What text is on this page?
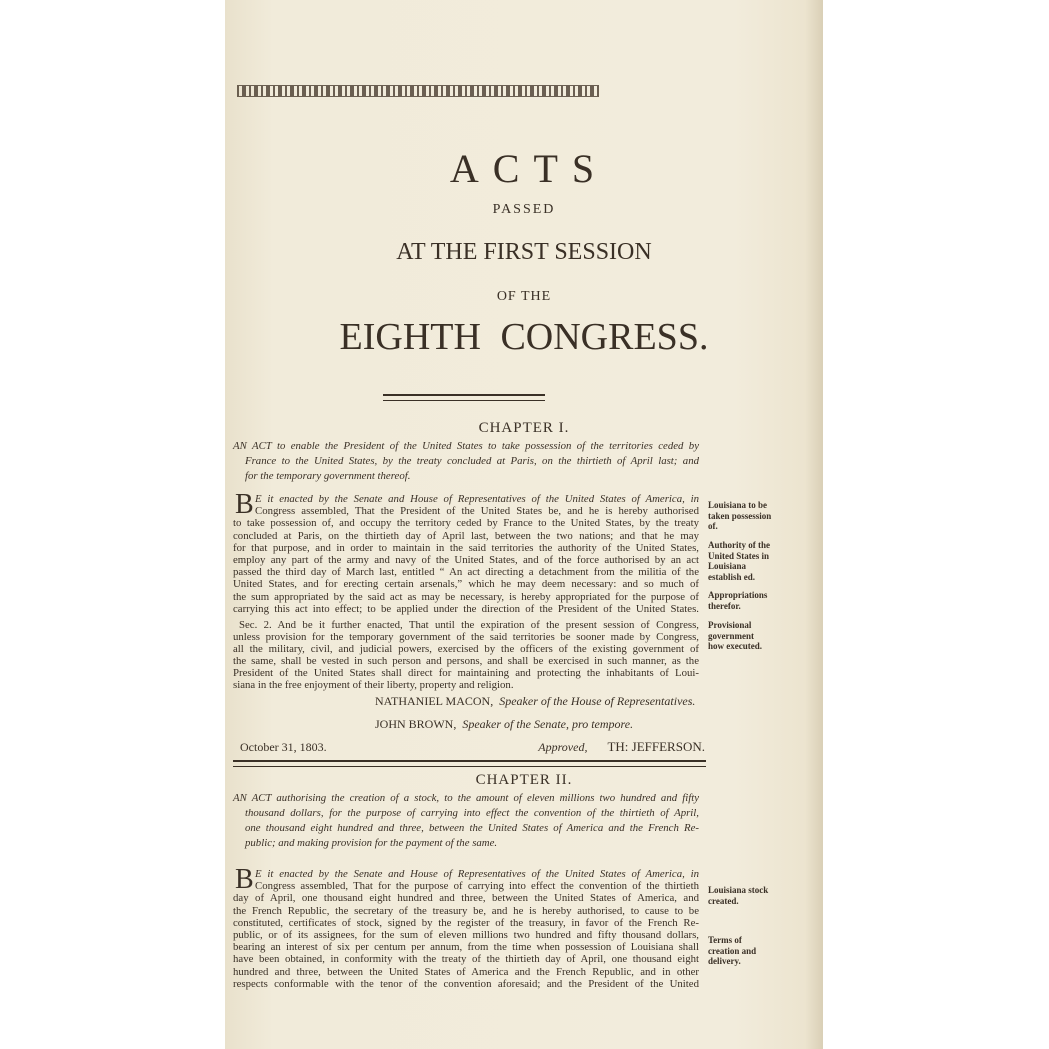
ACTS
PASSED
AT THE FIRST SESSION
OF THE
EIGHTH CONGRESS.
CHAPTER I.
NATHANIEL MACON, Speaker of the House of Representatives.
JOHN BROWN, Speaker of the Senate, pro tempore.
October 31, 1803.	Approved, TH: JEFFERSON.
CHAPTER II.
AN ACT to enable the President of the United States to take possession of the territories ceded by
France to the United States, by the treaty concluded at Paris, on the thirtieth of April last; and
for the temporary government thereof.
B E it enacted by the Senate and House of Representatives of the United States of America, in
Congress assembled, That the President of the United States be, and he is hereby authorised
to take possession of, and occupy the territory ceded by France to the United States, by the treaty
concluded at Paris, on the thirtieth day of April last, between the two nations; and that he may
for that purpose, and in order to maintain in the said territories the authority of the United States,
employ any part of the army and navy of the United States, and of the force authorised by an act
passed the third day of March last, entitled “ An act directing a detachment from the militia of the
United States, and for erecting certain arsenals,” which he may deem necessary: and so much of
the sum appropriated by the said act as may be necessary, is hereby appropriated for the purpose of
carrying this act into effect; to be applied under the direction of the President of the United States.
Louisiana to be taken possession of.
Authority of the United States in Louisiana establish ed.
Appropriations therefor.
Provisional government how executed.
Sec. 2. And be it further enacted, That until the expiration of the present session of Congress,
unless provision for the temporary government of the said territories be sooner made by Congress,
all the military, civil, and judicial powers, exercised by the officers of the existing government of
the same, shall be vested in such person and persons, and shall be exercised in such manner, as the
President of the United States shall direct for maintaining and protecting the inhabitants of Loui-
siana in the free enjoyment of their liberty, property and religion.
AN ACT authorising the creation of a stock, to the amount of eleven millions two hundred and fifty
thousand dollars, for the purpose of carrying into effect the convention of the thirtieth of April,
one thousand eight hundred and three, between the United States of America and the French Re-
public; and making provision for the payment of the same.
B E it enacted by the Senate and House of Representatives of the United States of America, in
Congress assembled, That for the purpose of carrying into effect the convention of the thirtieth
day of April, one thousand eight hundred and three, between the United States of America, and
the French Republic, the secretary of the treasury be, and he is hereby authorised, to cause to be
constituted, certificates of stock, signed by the register of the treasury, in favor of the French Re-
public, or of its assignees, for the sum of eleven millions two hundred and fifty thousand dollars,
bearing an interest of six per centum per annum, from the time when possession of Louisiana shall
have been obtained, in conformity with the treaty of the thirtieth day of April, one thousand eight
hundred and three, between the United States of America and the French Republic, and in other
respects conformable with the tenor of the convention aforesaid; and the President of the United
Louisiana stock created.
Terms of creation and delivery.
